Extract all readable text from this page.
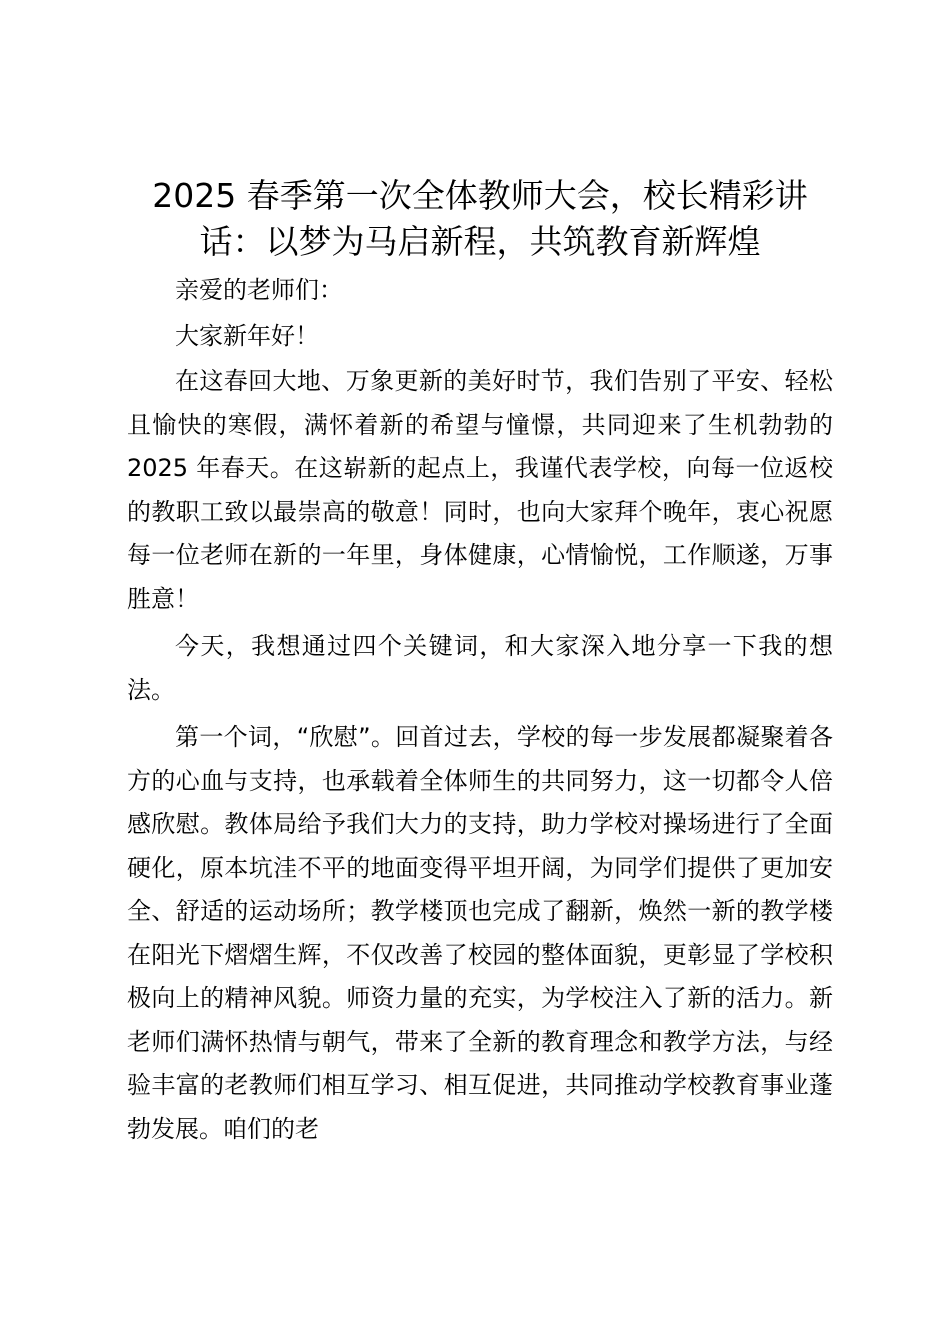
2025 春季第一次全体教师大会，校长精彩讲话：以梦为马启新程，共筑教育新辉煌

亲爱的老师们：

大家新年好！

在这春回大地、万象更新的美好时节，我们告别了平安、轻松且愉快的寒假，满怀着新的希望与憧憬，共同迎来了生机勃勃的 2025 年春天。在这崭新的起点上，我谨代表学校，向每一位返校的教职工致以最崇高的敬意！同时，也向大家拜个晚年，衷心祝愿每一位老师在新的一年里，身体健康，心情愉悦，工作顺遂，万事胜意！

今天，我想通过四个关键词，和大家深入地分享一下我的想法。

第一个词，“欣慰”。回首过去，学校的每一步发展都凝聚着各方的心血与支持，也承载着全体师生的共同努力，这一切都令人倍感欣慰。教体局给予我们大力的支持，助力学校对操场进行了全面硬化，原本坑洼不平的地面变得平坦开阔，为同学们提供了更加安全、舒适的运动场所；教学楼顶也完成了翻新，焕然一新的教学楼在阳光下熠熠生辉，不仅改善了校园的整体面貌，更彰显了学校积极向上的精神风貌。师资力量的充实，为学校注入了新的活力。新老师们满怀热情与朝气，带来了全新的教育理念和教学方法，与经验丰富的老教师们相互学习、相互促进，共同推动学校教育事业蓬勃发展。咱们的老
